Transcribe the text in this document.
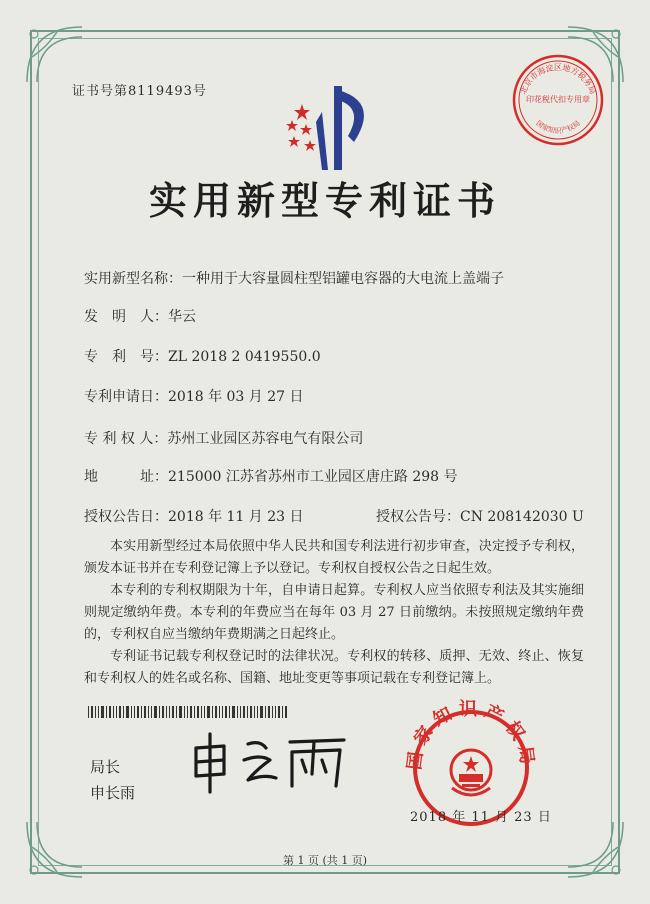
证书号第8119493号	北京市海淀区地方税务局
国家知识产权局
印花税代扣专用章
实用新型专利证书
实用新型名称：一种用于大容量圆柱型铝罐电容器的大电流上盖端子
发　明　人：华云
专　利　号：ZL 2018 2 0419550.0
专利申请日：2018 年 03 月 27 日
专 利 权 人：苏州工业园区苏容电气有限公司
地　　　址：215000 江苏省苏州市工业园区唐庄路 298 号
授权公告日：2018 年 11 月 23 日	授权公告号：CN 208142030 U

本实用新型经过本局依照中华人民共和国专利法进行初步审查，决定授予专利权，颁发本证书并在专利登记簿上予以登记。专利权自授权公告之日起生效。

本专利的专利权期限为十年，自申请日起算。专利权人应当依照专利法及其实施细则规定缴纳年费。本专利的年费应当在每年 03 月 27 日前缴纳。未按照规定缴纳年费的，专利权自应当缴纳年费期满之日起终止。

专利证书记载专利权登记时的法律状况。专利权的转移、质押、无效、终止、恢复和专利权人的姓名或名称、国籍、地址变更等事项记载在专利登记簿上。

局长
申长雨
国家知识产权局
2018 年 11 月 23 日
第 1 页 (共 1 页)
